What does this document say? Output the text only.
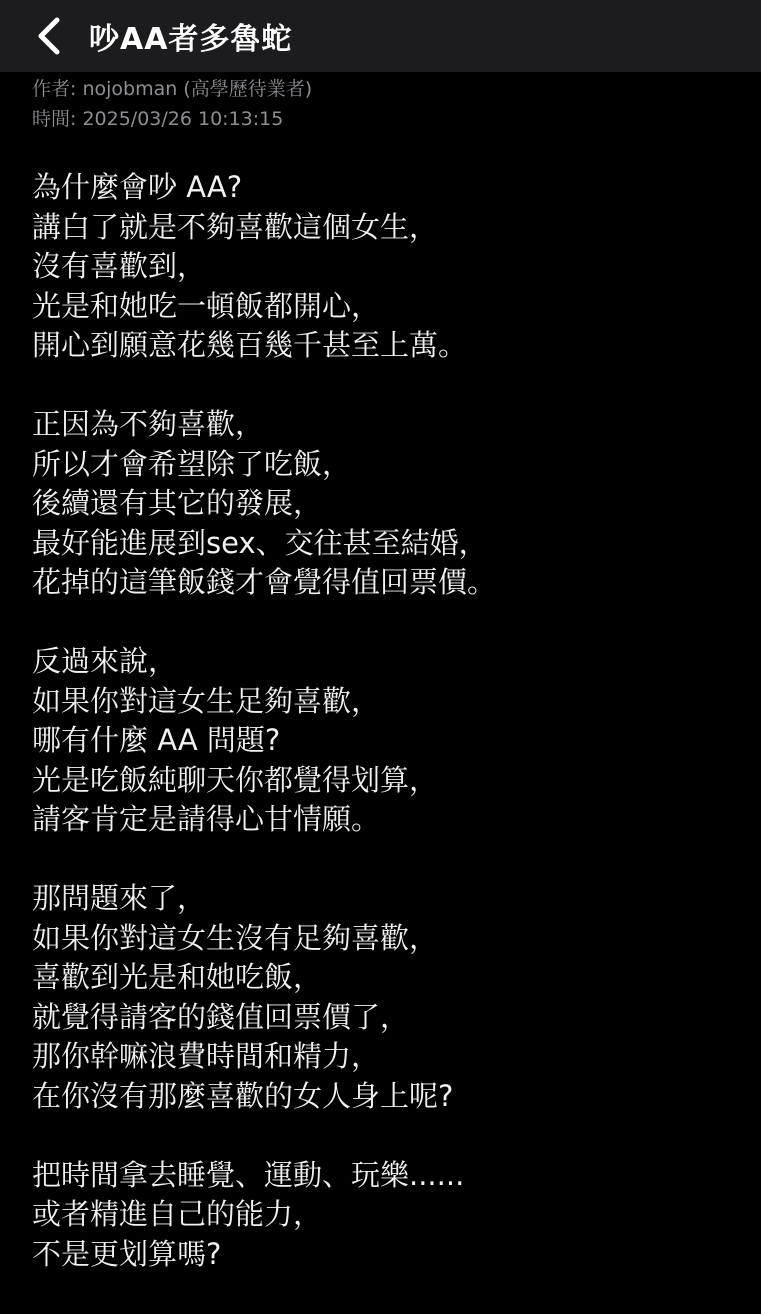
吵AA者多魯蛇
作者: nojobman (高學歷待業者)
時間: 2025/03/26 10:13:15
為什麼會吵 AA?
講白了就是不夠喜歡這個女生，
沒有喜歡到，
光是和她吃一頓飯都開心，
開心到願意花幾百幾千甚至上萬。
正因為不夠喜歡，
所以才會希望除了吃飯，
後續還有其它的發展，
最好能進展到sex、交往甚至結婚，
花掉的這筆飯錢才會覺得值回票價。
反過來說，
如果你對這女生足夠喜歡，
哪有什麼 AA 問題?
光是吃飯純聊天你都覺得划算，
請客肯定是請得心甘情願。
那問題來了，
如果你對這女生沒有足夠喜歡，
喜歡到光是和她吃飯，
就覺得請客的錢值回票價了，
那你幹嘛浪費時間和精力，
在你沒有那麼喜歡的女人身上呢?
把時間拿去睡覺、運動、玩樂......
或者精進自己的能力，
不是更划算嗎?
